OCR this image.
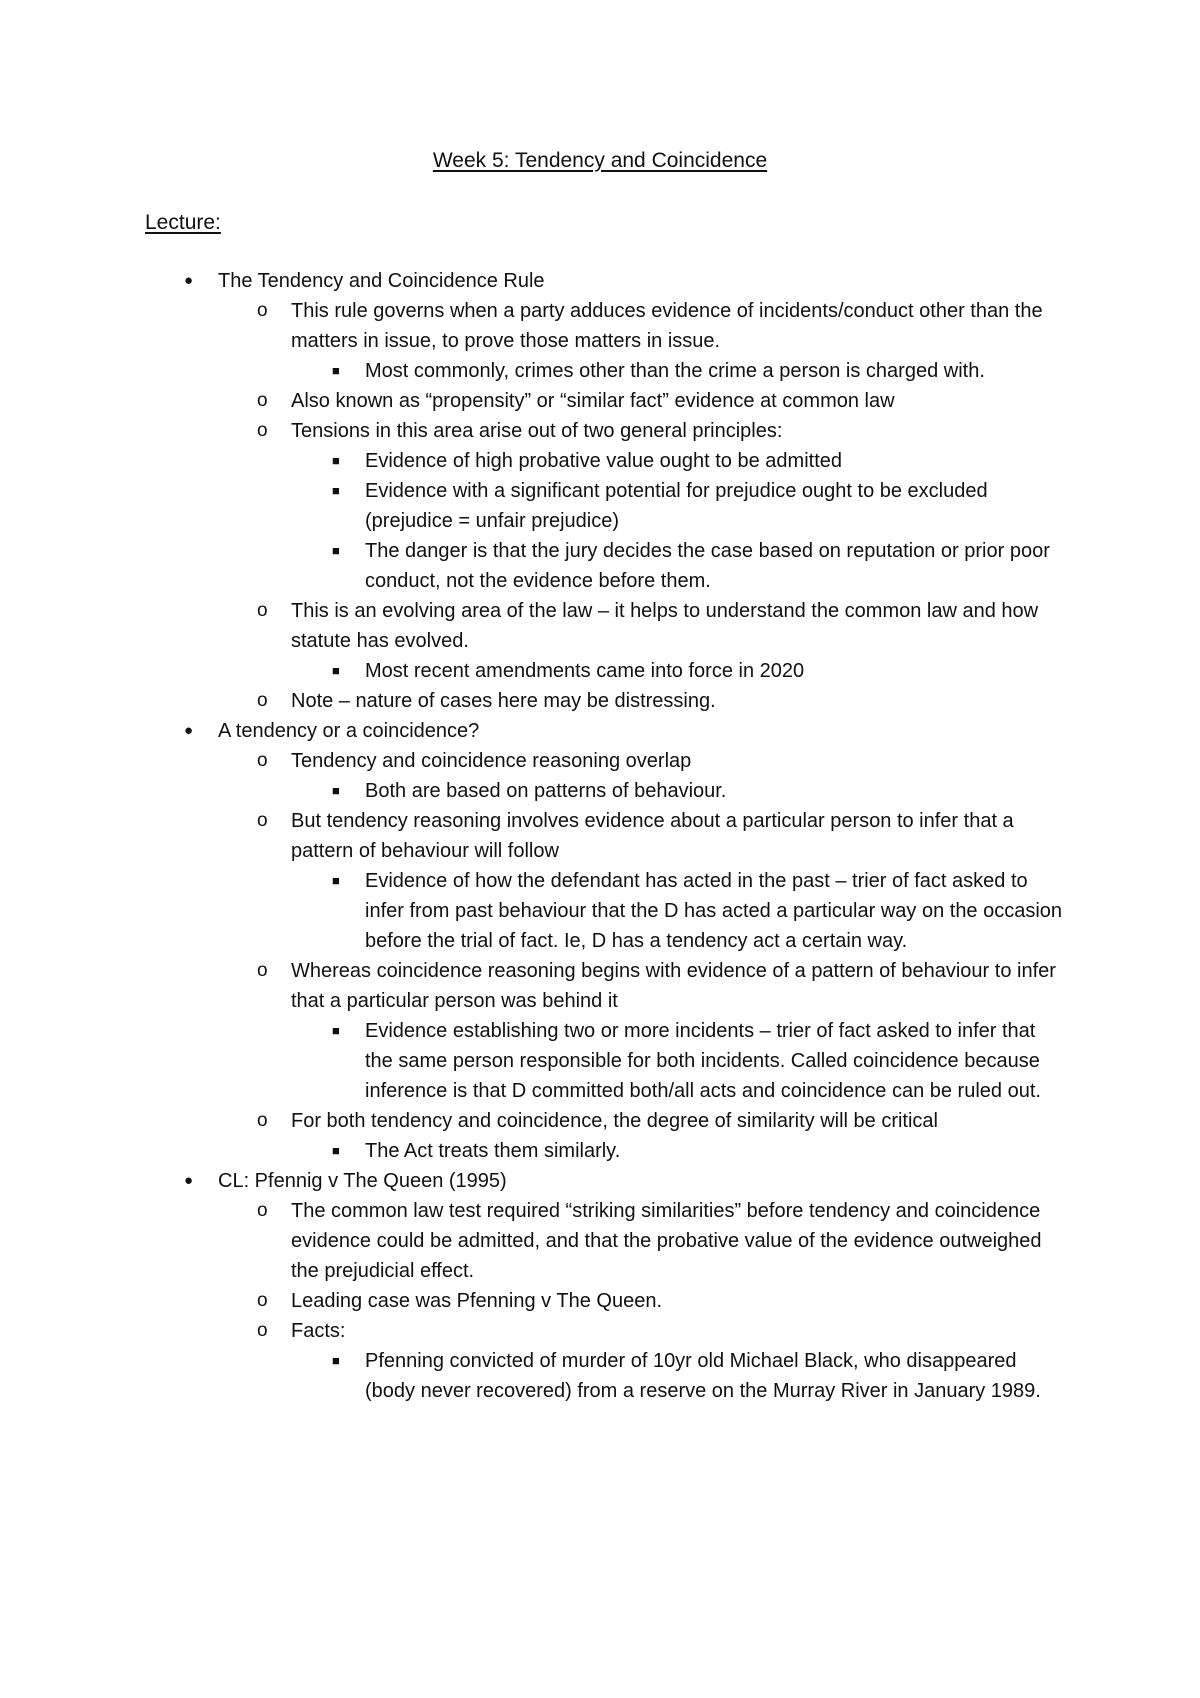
Week 5: Tendency and Coincidence
Lecture:
● The Tendency and Coincidence Rule
o This rule governs when a party adduces evidence of incidents/conduct other than the matters in issue, to prove those matters in issue.
■ Most commonly, crimes other than the crime a person is charged with.
o Also known as “propensity” or “similar fact” evidence at common law
o Tensions in this area arise out of two general principles:
■ Evidence of high probative value ought to be admitted
■ Evidence with a significant potential for prejudice ought to be excluded (prejudice = unfair prejudice)
■ The danger is that the jury decides the case based on reputation or prior poor conduct, not the evidence before them.
o This is an evolving area of the law – it helps to understand the common law and how statute has evolved.
■ Most recent amendments came into force in 2020
o Note – nature of cases here may be distressing.
● A tendency or a coincidence?
o Tendency and coincidence reasoning overlap
■ Both are based on patterns of behaviour.
o But tendency reasoning involves evidence about a particular person to infer that a pattern of behaviour will follow
■ Evidence of how the defendant has acted in the past – trier of fact asked to infer from past behaviour that the D has acted a particular way on the occasion before the trial of fact. Ie, D has a tendency act a certain way.
o Whereas coincidence reasoning begins with evidence of a pattern of behaviour to infer that a particular person was behind it
■ Evidence establishing two or more incidents – trier of fact asked to infer that the same person responsible for both incidents. Called coincidence because inference is that D committed both/all acts and coincidence can be ruled out.
o For both tendency and coincidence, the degree of similarity will be critical
■ The Act treats them similarly.
● CL: Pfennig v The Queen (1995)
o The common law test required “striking similarities” before tendency and coincidence evidence could be admitted, and that the probative value of the evidence outweighed the prejudicial effect.
o Leading case was Pfenning v The Queen.
o Facts:
■ Pfenning convicted of murder of 10yr old Michael Black, who disappeared (body never recovered) from a reserve on the Murray River in January 1989.
